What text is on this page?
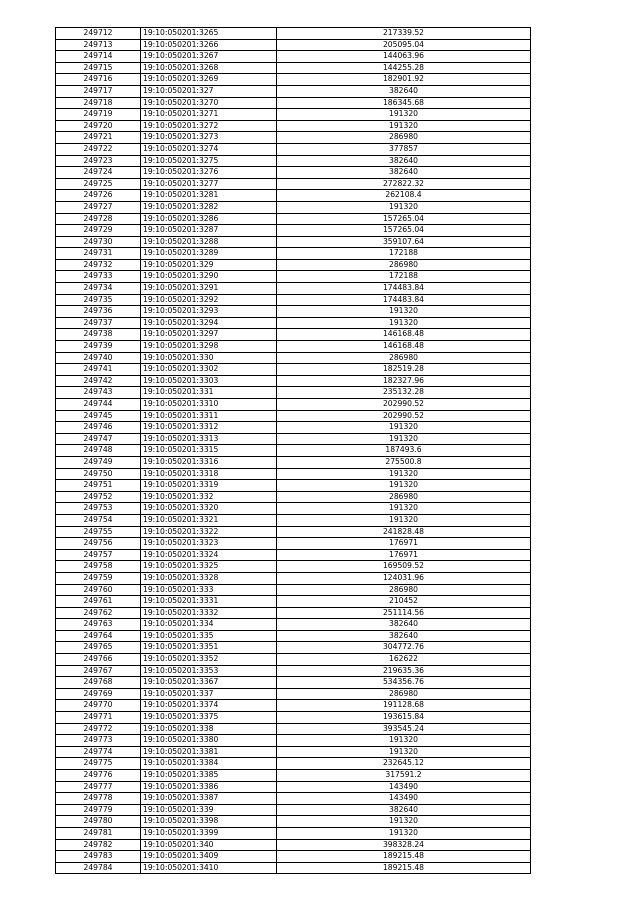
249712	19:10:050201:3265	217339.52
249713	19:10:050201:3266	205095.04
249714	19:10:050201:3267	144063.96
249715	19:10:050201:3268	144255.28
249716	19:10:050201:3269	182901.92
249717	19:10:050201:327	382640
249718	19:10:050201:3270	186345.68
249719	19:10:050201:3271	191320
249720	19:10:050201:3272	191320
249721	19:10:050201:3273	286980
249722	19:10:050201:3274	377857
249723	19:10:050201:3275	382640
249724	19:10:050201:3276	382640
249725	19:10:050201:3277	272822.32
249726	19:10:050201:3281	262108.4
249727	19:10:050201:3282	191320
249728	19:10:050201:3286	157265.04
249729	19:10:050201:3287	157265.04
249730	19:10:050201:3288	359107.64
249731	19:10:050201:3289	172188
249732	19:10:050201:329	286980
249733	19:10:050201:3290	172188
249734	19:10:050201:3291	174483.84
249735	19:10:050201:3292	174483.84
249736	19:10:050201:3293	191320
249737	19:10:050201:3294	191320
249738	19:10:050201:3297	146168.48
249739	19:10:050201:3298	146168.48
249740	19:10:050201:330	286980
249741	19:10:050201:3302	182519.28
249742	19:10:050201:3303	182327.96
249743	19:10:050201:331	235132.28
249744	19:10:050201:3310	202990.52
249745	19:10:050201:3311	202990.52
249746	19:10:050201:3312	191320
249747	19:10:050201:3313	191320
249748	19:10:050201:3315	187493.6
249749	19:10:050201:3316	275500.8
249750	19:10:050201:3318	191320
249751	19:10:050201:3319	191320
249752	19:10:050201:332	286980
249753	19:10:050201:3320	191320
249754	19:10:050201:3321	191320
249755	19:10:050201:3322	241828.48
249756	19:10:050201:3323	176971
249757	19:10:050201:3324	176971
249758	19:10:050201:3325	169509.52
249759	19:10:050201:3328	124031.96
249760	19:10:050201:333	286980
249761	19:10:050201:3331	210452
249762	19:10:050201:3332	251114.56
249763	19:10:050201:334	382640
249764	19:10:050201:335	382640
249765	19:10:050201:3351	304772.76
249766	19:10:050201:3352	162622
249767	19:10:050201:3353	219635.36
249768	19:10:050201:3367	534356.76
249769	19:10:050201:337	286980
249770	19:10:050201:3374	191128.68
249771	19:10:050201:3375	193615.84
249772	19:10:050201:338	393545.24
249773	19:10:050201:3380	191320
249774	19:10:050201:3381	191320
249775	19:10:050201:3384	232645.12
249776	19:10:050201:3385	317591.2
249777	19:10:050201:3386	143490
249778	19:10:050201:3387	143490
249779	19:10:050201:339	382640
249780	19:10:050201:3398	191320
249781	19:10:050201:3399	191320
249782	19:10:050201:340	398328.24
249783	19:10:050201:3409	189215.48
249784	19:10:050201:3410	189215.48
